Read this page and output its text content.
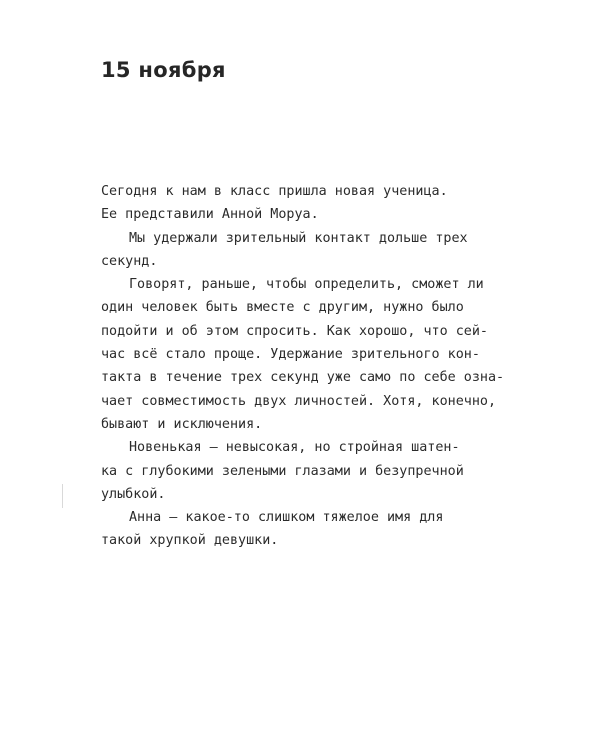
15 ноября

Сегодня к нам в класс пришла новая ученица.
Ее представили Анной Моруа.

Мы удержали зрительный контакт дольше трех
секунд.

Говорят, раньше, чтобы определить, сможет ли
один человек быть вместе с другим, нужно было
подойти и об этом спросить. Как хорошо, что сей-
час всё стало проще. Удержание зрительного кон-
такта в течение трех секунд уже само по себе озна-
чает совместимость двух личностей. Хотя, конечно,
бывают и исключения.

Новенькая — невысокая, но стройная шатен-
ка с глубокими зелеными глазами и безупречной
улыбкой.

Анна — какое-то слишком тяжелое имя для
такой хрупкой девушки.
